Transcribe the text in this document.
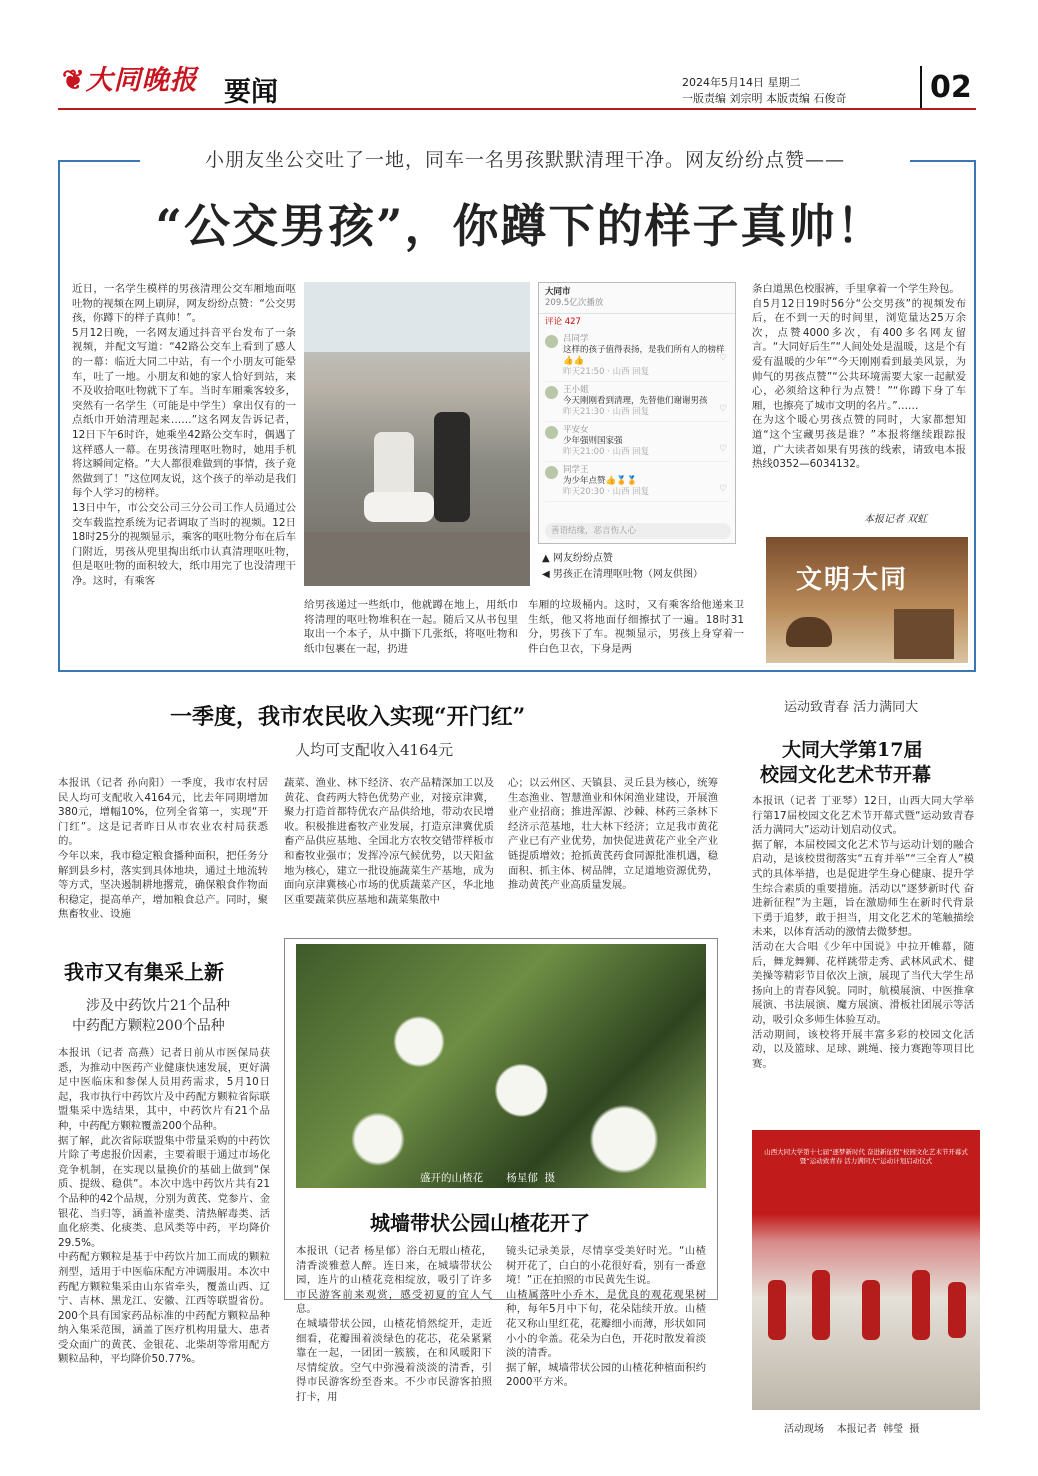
❦大同晚报 要闻	2024年5月14日 星期二
一版责编 刘宗明 本版责编 石俊奇	02
小朋友坐公交吐了一地，同车一名男孩默默清理干净。网友纷纷点赞——
“公交男孩”，你蹲下的样子真帅！
近日，一名学生模样的男孩清理公交车厢地面呕吐物的视频在网上刷屏，网友纷纷点赞：“公交男孩，你蹲下的样子真帅！”。
5月12日晚，一名网友通过抖音平台发布了一条视频，并配文写道：“42路公交车上看到了感人的一幕：临近大同二中站，有一个小朋友可能晕车，吐了一地。小朋友和她的家人恰好到站，来不及收拾呕吐物就下了车。当时车厢乘客较多，突然有一名学生（可能是中学生）拿出仅有的一点纸巾开始清理起来……”这名网友告诉记者，12日下午6时许，她乘坐42路公交车时，偶遇了这样感人一幕。在男孩清理呕吐物时，她用手机将这瞬间定格。“大人都很难做到的事情，孩子竟然做到了！”这位网友说，这个孩子的举动是我们每个人学习的榜样。
13日中午，市公交公司三分公司工作人员通过公交车载监控系统为记者调取了当时的视频。12日18时25分的视频显示，乘客的呕吐物分布在后车门附近，男孩从兜里掏出纸巾认真清理呕吐物，但是呕吐物的面积较大，纸巾用完了也没清理干净。这时，有乘客
大同市
209.5亿次播放
评论 427
吕同学
这样的孩子值得表扬，是我们所有人的榜样👍👍
昨天21:50 · 山西 回复
♡
王小姐
今天刚刚看到清理，先替他们谢谢男孩
昨天21:30 · 山西 回复	♡
平安女
少年强则国家强
昨天21:00 · 山西 回复	♡
同学王
为少年点赞👍🏅🏅
昨天20:30 · 山西 回复	♡
善语结缘，恶言伤人心
▲ 网友纷纷点赞
◀ 男孩正在清理呕吐物（网友供图）
给男孩递过一些纸巾，他就蹲在地上，用纸巾将清理的呕吐物堆积在一起。随后又从书包里取出一个本子，从中撕下几张纸，将呕吐物和纸巾包裹在一起，扔进
车厢的垃圾桶内。这时，又有乘客给他递来卫生纸，他又将地面仔细擦拭了一遍。18时31分，男孩下了车。视频显示，男孩上身穿着一件白色卫衣，下身是两
条白道黑色校服裤，手里拿着一个学生羚包。
自5月12日19时56分“公交男孩”的视频发布后，在不到一天的时间里，浏览量达25万余次，点赞4000多次，有400多名网友留言。“大同好后生”“人间处处是温暖，这是个有爱有温暖的少年”“今天刚刚看到最美风景，为帅气的男孩点赞”“公共环境需要大家一起献爱心，必须给这种行为点赞！”“你蹲下身了车厢，也擦亮了城市文明的名片。”……
在为这个暖心男孩点赞的同时，大家都想知道“这个宝藏男孩是谁？”本报将继续跟踪报道，广大读者如果有男孩的线索，请致电本报热线0352—6034132。
本报记者 双虹
文明大同
一季度，我市农民收入实现“开门红”
人均可支配收入4164元
本报讯（记者 孙向阳）一季度，我市农村居民人均可支配收入4164元，比去年同期增加380元，增幅10%，位列全省第一，实现“开门红”。这是记者昨日从市农业农村局获悉的。
今年以来，我市稳定粮食播种面积，把任务分解到县乡村，落实到具体地块，通过土地流转等方式，坚决遏制耕地撂荒，确保粮食作物面积稳定，提高单产，增加粮食总产。同时，聚焦畜牧业、设施
蔬菜、渔业、林下经济、农产品精深加工以及黄花、食药两大特色优势产业，对接京津冀，聚力打造首都特优农产品供给地，带动农民增收。积极推进畜牧产业发展，打造京津冀优质畜产品供应基地、全国北方农牧交错带样板市和畜牧业强市；发挥冷凉气候优势，以天阳盆地为核心，建立一批设施蔬菜生产基地，成为面向京津冀核心市场的优质蔬菜产区，华北地区重要蔬菜供应基地和蔬菜集散中
心；以云州区、天镇县、灵丘县为核心，统筹生态渔业、智慧渔业和休闲渔业建设，开展渔业产业招商；推进浑源、沙棘、林药三条林下经济示范基地，壮大林下经济；立足我市黄花产业已有产业优势，加快促进黄花产业全产业链提质增效；抢抓黄芪药食同源批准机遇，稳面积、抓主体、树品牌，立足道地资源优势，推动黄芪产业高质量发展。
我市又有集采上新
涉及中药饮片21个品种
中药配方颗粒200个品种
本报讯（记者 高燕）记者日前从市医保局获悉，为推动中医药产业健康快速发展，更好满足中医临床和参保人员用药需求，5月10日起，我市执行中药饮片及中药配方颗粒省际联盟集采中选结果，其中，中药饮片有21个品种，中药配方颗粒覆盖200个品种。
据了解，此次省际联盟集中带量采购的中药饮片除了考虑报价因素，主要着眼于通过市场化竞争机制，在实现以量换价的基础上做到“保质、提级、稳供”。本次中选中药饮片共有21个品种的42个品规，分别为黄芪、党参片、金银花、当归等，涵盖补虚类、清热解毒类、活血化瘀类、化痰类、息风类等中药，平均降价29.5%。
中药配方颗粒是基于中药饮片加工而成的颗粒剂型，适用于中医临床配方冲调服用。本次中药配方颗粒集采由山东省牵头，覆盖山西、辽宁、吉林、黑龙江、安徽、江西等联盟省份。200个具有国家药品标准的中药配方颗粒品种纳入集采范围，涵盖了医疗机构用量大、患者受众面广的黄芪、金银花、北柴胡等常用配方颗粒品种，平均降价50.77%。
盛开的山楂花       杨星郁  摄
城墙带状公园山楂花开了
本报讯（记者 杨星郁）浴白无瑕山楂花，清香淡雅惹人醉。连日来，在城墙带状公园，连片的山楂花竞相绽放，吸引了许多市民游客前来观赏，感受初夏的宜人气息。
在城墙带状公园，山楂花悄然绽开，走近细看，花瓣围着淡绿色的花芯，花朵紧紧靠在一起，一团团一簇簇，在和风暖阳下尽情绽放。空气中弥漫着淡淡的清香，引得市民游客纷至沓来。不少市民游客拍照打卡，用
镜头记录美景，尽情享受美好时光。“山楂树开花了，白白的小花很好看，别有一番意境！”正在拍照的市民黄先生说。
山楂属落叶小乔木，是优良的观花观果树种，每年5月中下旬，花朵陆续开放。山楂花又称山里红花，花瓣细小而薄，形状如同小小的伞盖。花朵为白色，开花时散发着淡淡的清香。
据了解，城墙带状公园的山楂花种植面积约2000平方米。
运动致青春 活力满同大
大同大学第17届
校园文化艺术节开幕
本报讯（记者 丁亚琴）12日，山西大同大学举行第17届校园文化艺术节开幕式暨“运动致青春 活力满同大”运动计划启动仪式。
据了解，本届校园文化艺术节与运动计划的融合启动，是该校贯彻落实“五育并举”“三全育人”模式的具体举措，也是促进学生身心健康、提升学生综合素质的重要措施。活动以“逐梦新时代 奋进新征程”为主题，旨在激励师生在新时代背景下勇于追梦，敢于担当，用文化艺术的笔触描绘未来，以体育活动的激情去微梦想。
活动在大合唱《少年中国说》中拉开帷幕，随后，舞龙舞狮、花样跳带走秀、武林风武术、健美操等精彩节目依次上演，展现了当代大学生昂扬向上的青春风貌。同时，航模展演、中医推拿展演、书法展演、魔方展演、滑板社团展示等活动，吸引众多师生体验互动。
活动期间，该校将开展丰富多彩的校园文化活动，以及篮球、足球、跳绳、接力赛跑等项目比赛。
山西大同大学第十七届“逐梦新时代 奋进新征程”校园文化艺术节开幕式暨“运动致青春 活力满同大”运动计划启动仪式
活动现场    本报记者  韩瑩  摄
